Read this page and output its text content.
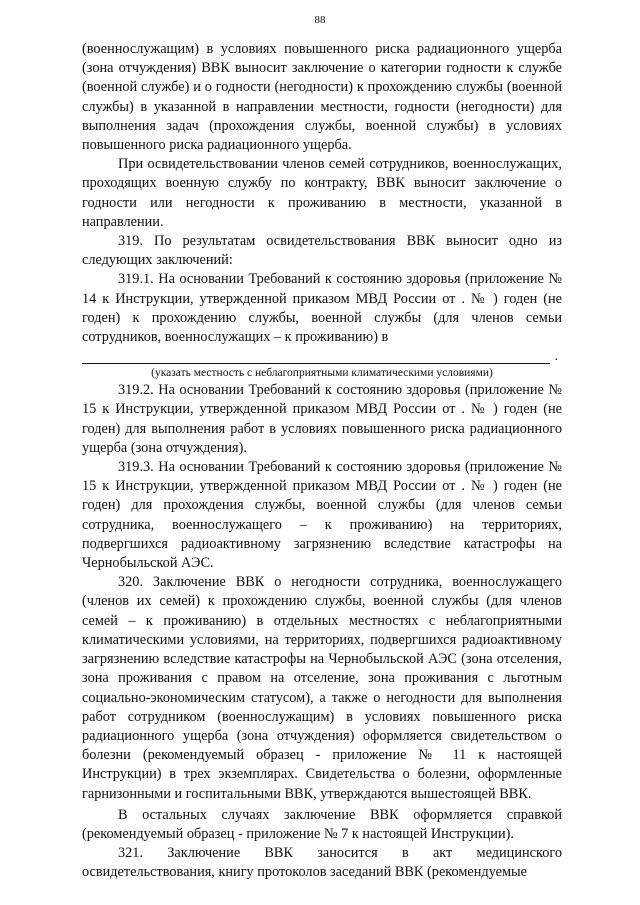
88

(военнослужащим) в условиях повышенного риска радиационного ущерба (зона отчуждения) ВВК выносит заключение о категории годности к службе (военной службе) и о годности (негодности) к прохождению службы (военной службы) в указанной в направлении местности, годности (негодности) для выполнения задач (прохождения службы, военной службы) в условиях повышенного риска радиационного ущерба.

При освидетельствовании членов семей сотрудников, военнослужащих, проходящих военную службу по контракту, ВВК выносит заключение о годности или негодности к проживанию в местности, указанной в направлении.

319. По результатам освидетельствования ВВК выносит одно из следующих заключений:

319.1. На основании Требований к состоянию здоровья (приложение № 14 к Инструкции, утвержденной приказом МВД России от . № ) годен (не годен) к прохождению службы, военной службы (для членов семьи сотрудников, военнослужащих – к проживанию) в

.

(указать местность с неблагоприятными климатическими условиями)

319.2. На основании Требований к состоянию здоровья (приложение № 15 к Инструкции, утвержденной приказом МВД России от . № ) годен (не годен) для выполнения работ в условиях повышенного риска радиационного ущерба (зона отчуждения).

319.3. На основании Требований к состоянию здоровья (приложение № 15 к Инструкции, утвержденной приказом МВД России от . № ) годен (не годен) для прохождения службы, военной службы (для членов семьи сотрудника, военнослужащего – к проживанию) на территориях, подвергшихся радиоактивному загрязнению вследствие катастрофы на Чернобыльской АЭС.

320. Заключение ВВК о негодности сотрудника, военнослужащего (членов их семей) к прохождению службы, военной службы (для членов семей – к проживанию) в отдельных местностях с неблагоприятными климатическими условиями, на территориях, подвергшихся радиоактивному загрязнению вследствие катастрофы на Чернобыльской АЭС (зона отселения, зона проживания с правом на отселение, зона проживания с льготным социально-экономическим статусом), а также о негодности для выполнения работ сотрудником (военнослужащим) в условиях повышенного риска радиационного ущерба (зона отчуждения) оформляется свидетельством о болезни (рекомендуемый образец - приложение № 11 к настоящей Инструкции) в трех экземплярах. Свидетельства о болезни, оформленные гарнизонными и госпитальными ВВК, утверждаются вышестоящей ВВК.

В остальных случаях заключение ВВК оформляется справкой (рекомендуемый образец - приложение № 7 к настоящей Инструкции).

321. Заключение ВВК заносится в акт медицинского освидетельствования, книгу протоколов заседаний ВВК (рекомендуемые
